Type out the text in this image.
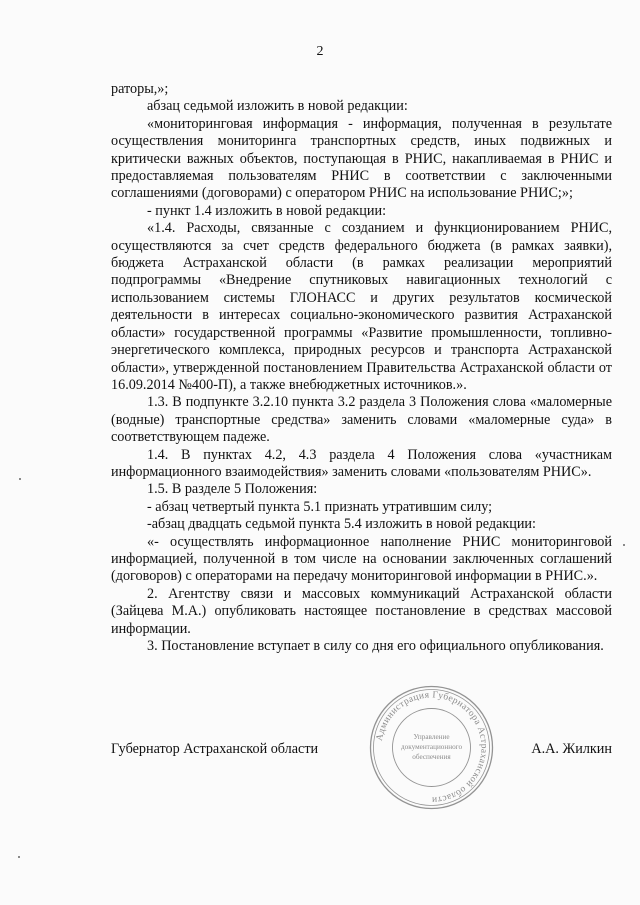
2

раторы,»;

абзац седьмой изложить в новой редакции:

«мониторинговая информация - информация, полученная в результате осуществления мониторинга транспортных средств, иных подвижных и критически важных объектов, поступающая в РНИС, накапливаемая в РНИС и предоставляемая пользователям РНИС в соответствии с заключенными соглашениями (договорами) с оператором РНИС на использование РНИС;»;

- пункт 1.4 изложить в новой редакции:

«1.4. Расходы, связанные с созданием и функционированием РНИС, осуществляются за счет средств федерального бюджета (в рамках заявки), бюджета Астраханской области (в рамках реализации мероприятий подпрограммы «Внедрение спутниковых навигационных технологий с использованием системы ГЛОНАСС и других результатов космической деятельности в интересах социально-экономического развития Астраханской области» государственной программы «Развитие промышленности, топливно-энергетического комплекса, природных ресурсов и транспорта Астраханской области», утвержденной постановлением Правительства Астраханской области от 16.09.2014 №400-П), а также внебюджетных источников.».

1.3. В подпункте 3.2.10 пункта 3.2 раздела 3 Положения слова «маломерные (водные) транспортные средства» заменить словами «маломерные суда» в соответствующем падеже.

1.4. В пунктах 4.2, 4.3 раздела 4 Положения слова «участникам информационного взаимодействия» заменить словами «пользователям РНИС».

1.5. В разделе 5 Положения:

- абзац четвертый пункта 5.1 признать утратившим силу;

-абзац двадцать седьмой пункта 5.4 изложить в новой редакции:

«- осуществлять информационное наполнение РНИС мониторинговой информацией, полученной в том числе на основании заключенных соглашений (договоров) с операторами на передачу мониторинговой информации в РНИС.».

2. Агентству связи и массовых коммуникаций Астраханской области (Зайцева М.А.) опубликовать настоящее постановление в средствах массовой информации.

3. Постановление вступает в силу со дня его официального опубликования.

Губернатор Астраханской области	А.А. Жилкин
Администрация Губернатора Астраханской области
Управление
документационного
обеспечения
